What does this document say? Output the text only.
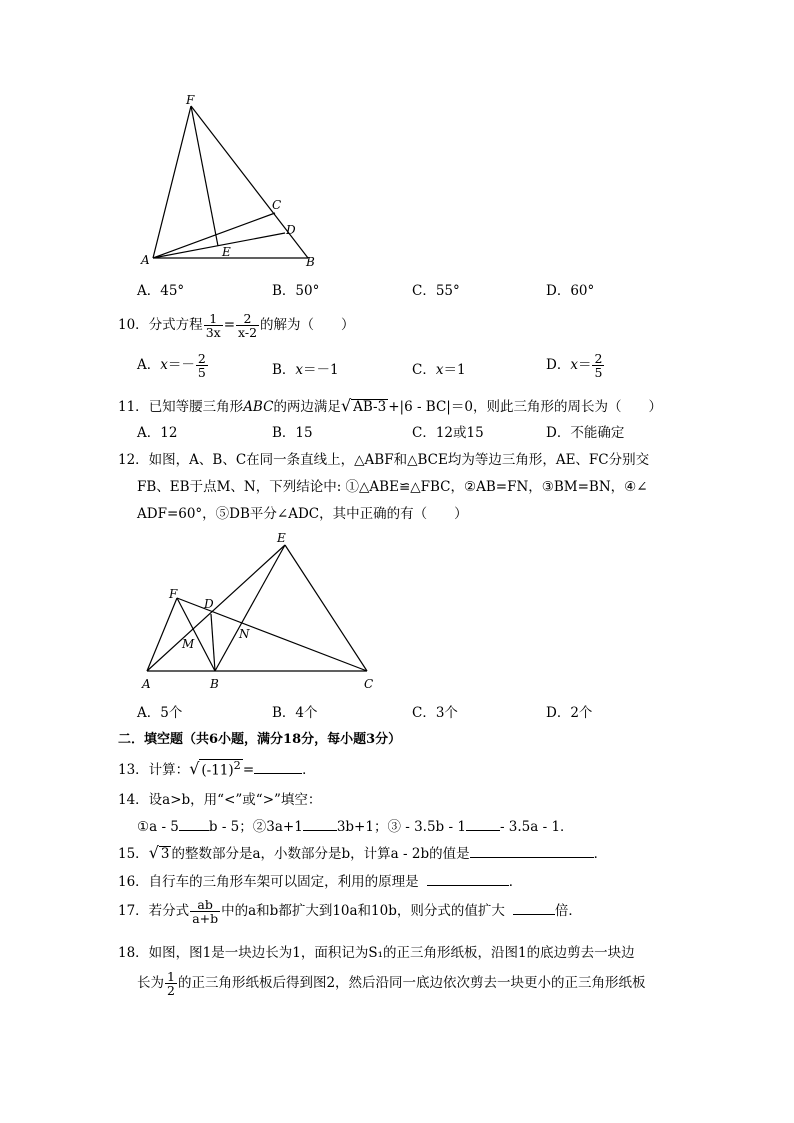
F
C
D
A
E
B
A．45°	B．50°	C．55°	D．60°
10．分式方程 $\frac{1}{3x} = \frac{2}{x-2}$ 的解为（　　）
A．$x=- \frac{2}{5}$	B．x＝－1	C．x＝1	D．$x= \frac{2}{5}$
11．已知等腰三角形ABC的两边满足√ AB-3 +|6 - BC|＝0，则此三角形的周长为（　　）
A．12	B．15	C．12或15	D．不能确定
12．如图，A、B、C在同一条直线上，△ABF和△BCE均为等边三角形，AE、FC分别交
FB、EB于点M、N，下列结论中: ①△ABE≌△FBC，②AB=FN，③BM=BN，④∠
ADF=60°，⑤DB平分∠ADC，其中正确的有（　　）
E
F
D
M
N
A	B	C
A．5个	B．4个	C．3个	D．2个
二．填空题（共6小题，满分18分，每小题3分）
13．计算：√ $(-11)^2$ =	．
14．设a>b，用“<”或“>”填空：
①a - 5 b - 5；②3a+1	3b+1；③ - 3.5b - 1	- 3.5a - 1．
15．√ 3 的整数部分是a，小数部分是b，计算a - 2b的值是	．
16．自行车的三角形车架可以固定，利用的原理是	．
17．若分式 $\frac{ab}{a+b}$ 中的a和b都扩大到10a和10b，则分式的值扩大	倍．
18．如图，图1是一块边长为1，面积记为S₁的正三角形纸板，沿图1的底边剪去一块边
长为 $\frac{1}{2}$ 的正三角形纸板后得到图2，然后沿同一底边依次剪去一块更小的正三角形纸板
